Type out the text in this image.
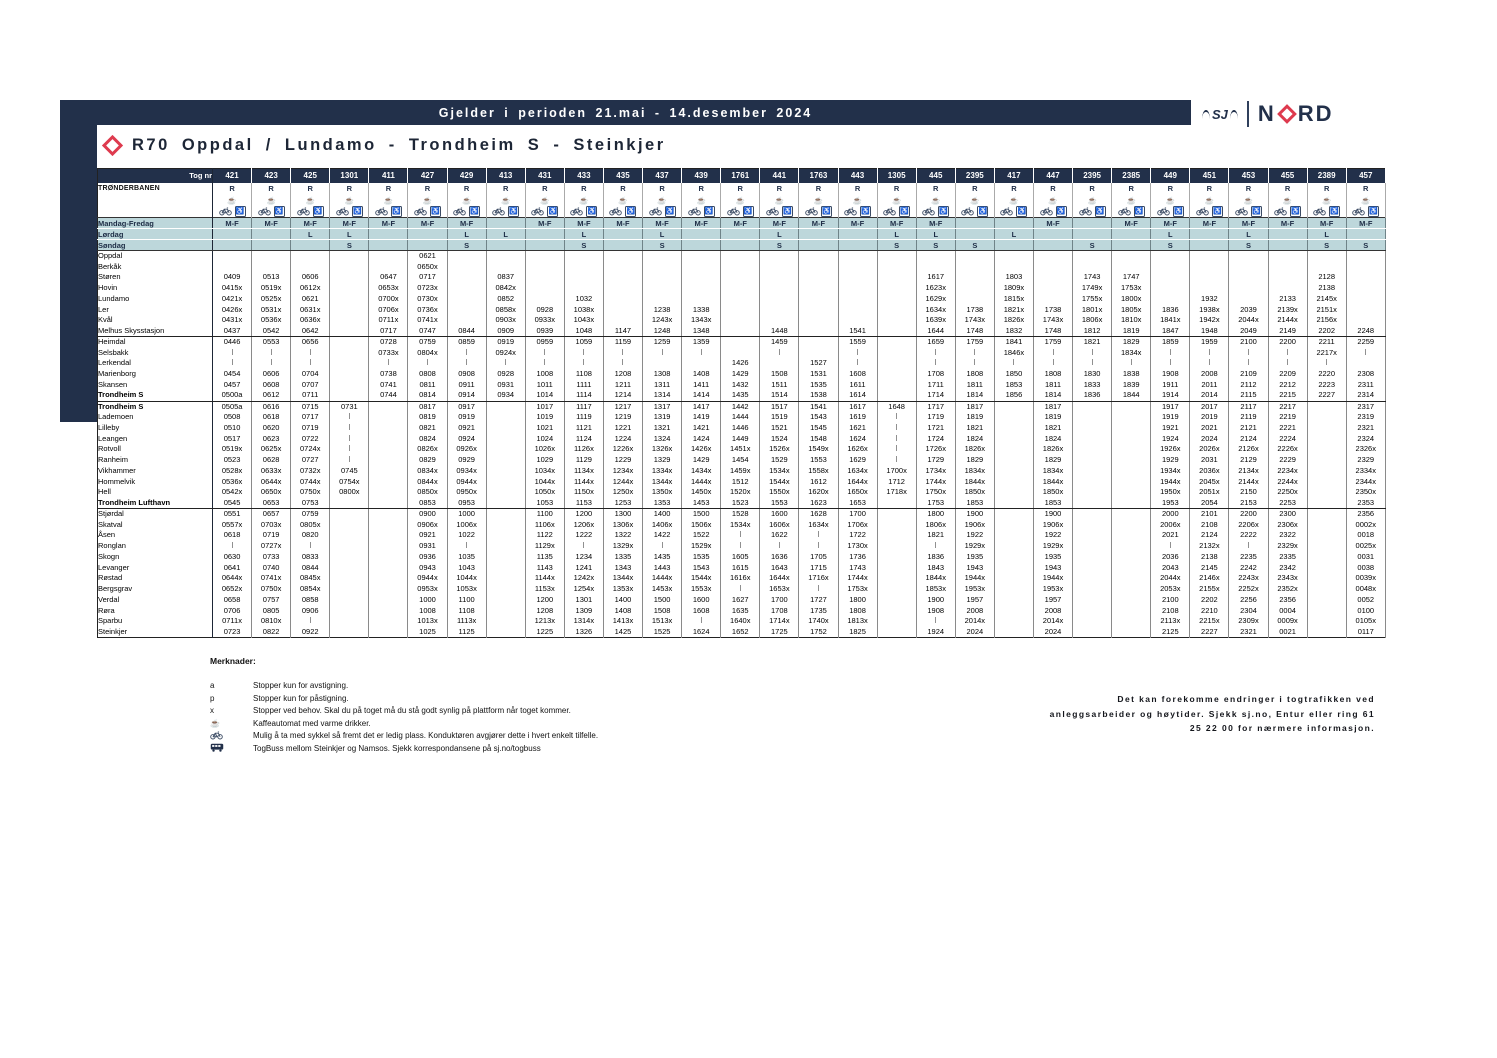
Gjelder i perioden 21.mai - 14.desember 2024	SJ N RD
R70 Oppdal / Lundamo - Trondheim S - Steinkjer
Tog nr	421	423	425	1301	411	427	429	413	431	433	435	437	439	1761	441	1763	443	1305	445	2395	417	447	2395	2385	449	451	453	455	2389	457
TRØNDERBANEN	R	R	R	R	R	R	R	R	R	R	R	R	R	R	R	R	R	R	R	R	R	R	R	R	R	R	R	R	R	R
	☕	☕	☕	☕	☕	☕	☕	☕	☕	☕	☕	☕	☕	☕	☕	☕	☕	☕	☕	☕	☕	☕	☕	☕	☕	☕	☕	☕	☕	☕
	♿	♿	♿	♿	♿	♿	♿	♿	♿	♿	♿	♿	♿	♿	♿	♿	♿	♿	♿	♿	♿	♿	♿	♿	♿	♿	♿	♿	♿	♿
Mandag-Fredag	M-F	M-F	M-F	M-F	M-F	M-F	M-F		M-F	M-F	M-F	M-F	M-F	M-F	M-F	M-F	M-F	M-F	M-F			M-F		M-F	M-F	M-F	M-F	M-F	M-F	M-F
Lørdag			L	L			L	L		L		L			L			L	L		L				L		L		L	
Søndag				S			S			S		S			S			S	S	S			S		S		S		S	S
Oppdal						0621																								
Berkåk						0650x																								
Støren	0409	0513	0606		0647	0717		0837											1617		1803		1743	1747					2128	
Hovin	0415x	0519x	0612x		0653x	0723x		0842x											1623x		1809x		1749x	1753x					2138	
Lundamo	0421x	0525x	0621		0700x	0730x		0852		1032									1629x		1815x		1755x	1800x		1932		2133	2145x	
Ler	0426x	0531x	0631x		0706x	0736x		0858x	0928	1038x		1238	1338						1634x	1738	1821x	1738	1801x	1805x	1836	1938x	2039	2139x	2151x	
Kvål	0431x	0536x	0636x		0711x	0741x		0903x	0933x	1043x		1243x	1343x						1639x	1743x	1826x	1743x	1806x	1810x	1841x	1942x	2044x	2144x	2156x	
Melhus Skysstasjon	0437	0542	0642		0717	0747	0844	0909	0939	1048	1147	1248	1348		1448		1541		1644	1748	1832	1748	1812	1819	1847	1948	2049	2149	2202	2248
Heimdal	0446	0553	0656		0728	0759	0859	0919	0959	1059	1159	1259	1359		1459		1559		1659	1759	1841	1759	1821	1829	1859	1959	2100	2200	2211	2259
Selsbakk					0733x	0804x		0924x													1846x			1834x					2217x	
Lerkendal														1426		1527														
Marienborg	0454	0606	0704		0738	0808	0908	0928	1008	1108	1208	1308	1408	1429	1508	1531	1608		1708	1808	1850	1808	1830	1838	1908	2008	2109	2209	2220	2308
Skansen	0457	0608	0707		0741	0811	0911	0931	1011	1111	1211	1311	1411	1432	1511	1535	1611		1711	1811	1853	1811	1833	1839	1911	2011	2112	2212	2223	2311
Trondheim S	0500a	0612	0711		0744	0814	0914	0934	1014	1114	1214	1314	1414	1435	1514	1538	1614		1714	1814	1856	1814	1836	1844	1914	2014	2115	2215	2227	2314
Trondheim S	0505a	0616	0715	0731		0817	0917		1017	1117	1217	1317	1417	1442	1517	1541	1617	1648	1717	1817		1817			1917	2017	2117	2217		2317
Lademoen	0508	0618	0717			0819	0919		1019	1119	1219	1319	1419	1444	1519	1543	1619		1719	1819		1819			1919	2019	2119	2219		2319
Lilleby	0510	0620	0719			0821	0921		1021	1121	1221	1321	1421	1446	1521	1545	1621		1721	1821		1821			1921	2021	2121	2221		2321
Leangen	0517	0623	0722			0824	0924		1024	1124	1224	1324	1424	1449	1524	1548	1624		1724	1824		1824			1924	2024	2124	2224		2324
Rotvoll	0519x	0625x	0724x			0826x	0926x		1026x	1126x	1226x	1326x	1426x	1451x	1526x	1549x	1626x		1726x	1826x		1826x			1926x	2026x	2126x	2226x		2326x
Ranheim	0523	0628	0727			0829	0929		1029	1129	1229	1329	1429	1454	1529	1553	1629		1729	1829		1829			1929	2031	2129	2229		2329
Vikhammer	0528x	0633x	0732x	0745		0834x	0934x		1034x	1134x	1234x	1334x	1434x	1459x	1534x	1558x	1634x	1700x	1734x	1834x		1834x			1934x	2036x	2134x	2234x		2334x
Hommelvik	0536x	0644x	0744x	0754x		0844x	0944x		1044x	1144x	1244x	1344x	1444x	1512	1544x	1612	1644x	1712	1744x	1844x		1844x			1944x	2045x	2144x	2244x		2344x
Hell	0542x	0650x	0750x	0800x		0850x	0950x		1050x	1150x	1250x	1350x	1450x	1520x	1550x	1620x	1650x	1718x	1750x	1850x		1850x			1950x	2051x	2150	2250x		2350x
Trondheim Lufthavn	0545	0653	0753			0853	0953		1053	1153	1253	1353	1453	1523	1553	1623	1653		1753	1853		1853			1953	2054	2153	2253		2353
Stjørdal	0551	0657	0759			0900	1000		1100	1200	1300	1400	1500	1528	1600	1628	1700		1800	1900		1900			2000	2101	2200	2300		2356
Skatval	0557x	0703x	0805x			0906x	1006x		1106x	1206x	1306x	1406x	1506x	1534x	1606x	1634x	1706x		1806x	1906x		1906x			2006x	2108	2206x	2306x		0002x
Åsen	0618	0719	0820			0921	1022		1122	1222	1322	1422	1522		1622		1722		1821	1922		1922			2021	2124	2222	2322		0018
Ronglan		0727x				0931			1129x		1329x		1529x				1730x			1929x		1929x				2132x		2329x		0025x
Skogn	0630	0733	0833			0936	1035		1135	1234	1335	1435	1535	1605	1636	1705	1736		1836	1935		1935			2036	2138	2235	2335		0031
Levanger	0641	0740	0844			0943	1043		1143	1241	1343	1443	1543	1615	1643	1715	1743		1843	1943		1943			2043	2145	2242	2342		0038
Røstad	0644x	0741x	0845x			0944x	1044x		1144x	1242x	1344x	1444x	1544x	1616x	1644x	1716x	1744x		1844x	1944x		1944x			2044x	2146x	2243x	2343x		0039x
Bergsgrav	0652x	0750x	0854x			0953x	1053x		1153x	1254x	1353x	1453x	1553x		1653x		1753x		1853x	1953x		1953x			2053x	2155x	2252x	2352x		0048x
Verdal	0658	0757	0858			1000	1100		1200	1301	1400	1500	1600	1627	1700	1727	1800		1900	1957		1957			2100	2202	2256	2356		0052
Røra	0706	0805	0906			1008	1108		1208	1309	1408	1508	1608	1635	1708	1735	1808		1908	2008		2008			2108	2210	2304	0004		0100
Sparbu	0711x	0810x				1013x	1113x		1213x	1314x	1413x	1513x		1640x	1714x	1740x	1813x			2014x		2014x			2113x	2215x	2309x	0009x		0105x
Steinkjer	0723	0822	0922			1025	1125		1225	1326	1425	1525	1624	1652	1725	1752	1825		1924	2024		2024			2125	2227	2321	0021		0117
Merknader:
a	Stopper kun for avstigning.
p	Stopper kun for påstigning.
x	Stopper ved behov. Skal du på toget må du stå godt synlig på plattform når toget kommer.
☕	Kaffeautomat med varme drikker.
Mulig å ta med sykkel så fremt det er ledig plass. Konduktøren avgjører dette i hvert enkelt tilfelle.
TogBuss mellom Steinkjer og Namsos. Sjekk korrespondansene på sj.no/togbuss
Det kan forekomme endringer i togtrafikken ved
anleggsarbeider og høytider. Sjekk sj.no, Entur eller ring 61
25 22 00 for nærmere informasjon.
